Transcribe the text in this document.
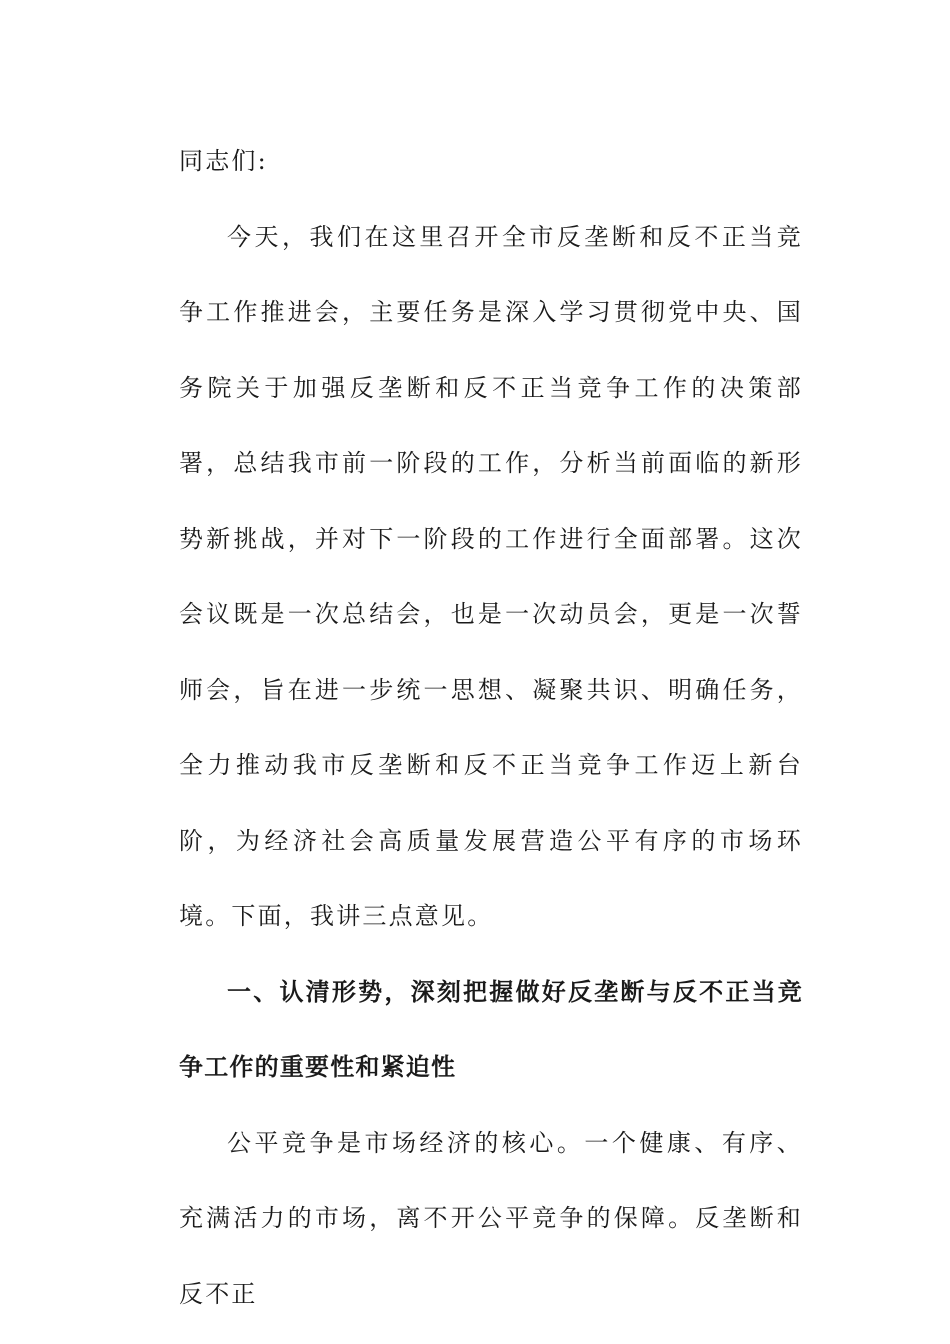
同志们:

今天，我们在这里召开全市反垄断和反不正当竞争工作推进会，主要任务是深入学习贯彻党中央、国务院关于加强反垄断和反不正当竞争工作的决策部署，总结我市前一阶段的工作，分析当前面临的新形势新挑战，并对下一阶段的工作进行全面部署。这次会议既是一次总结会，也是一次动员会，更是一次誓师会，旨在进一步统一思想、凝聚共识、明确任务，全力推动我市反垄断和反不正当竞争工作迈上新台阶，为经济社会高质量发展营造公平有序的市场环境。下面，我讲三点意见。

一、认清形势，深刻把握做好反垄断与反不正当竞争工作的重要性和紧迫性

公平竞争是市场经济的核心。一个健康、有序、充满活力的市场，离不开公平竞争的保障。反垄断和反不正
